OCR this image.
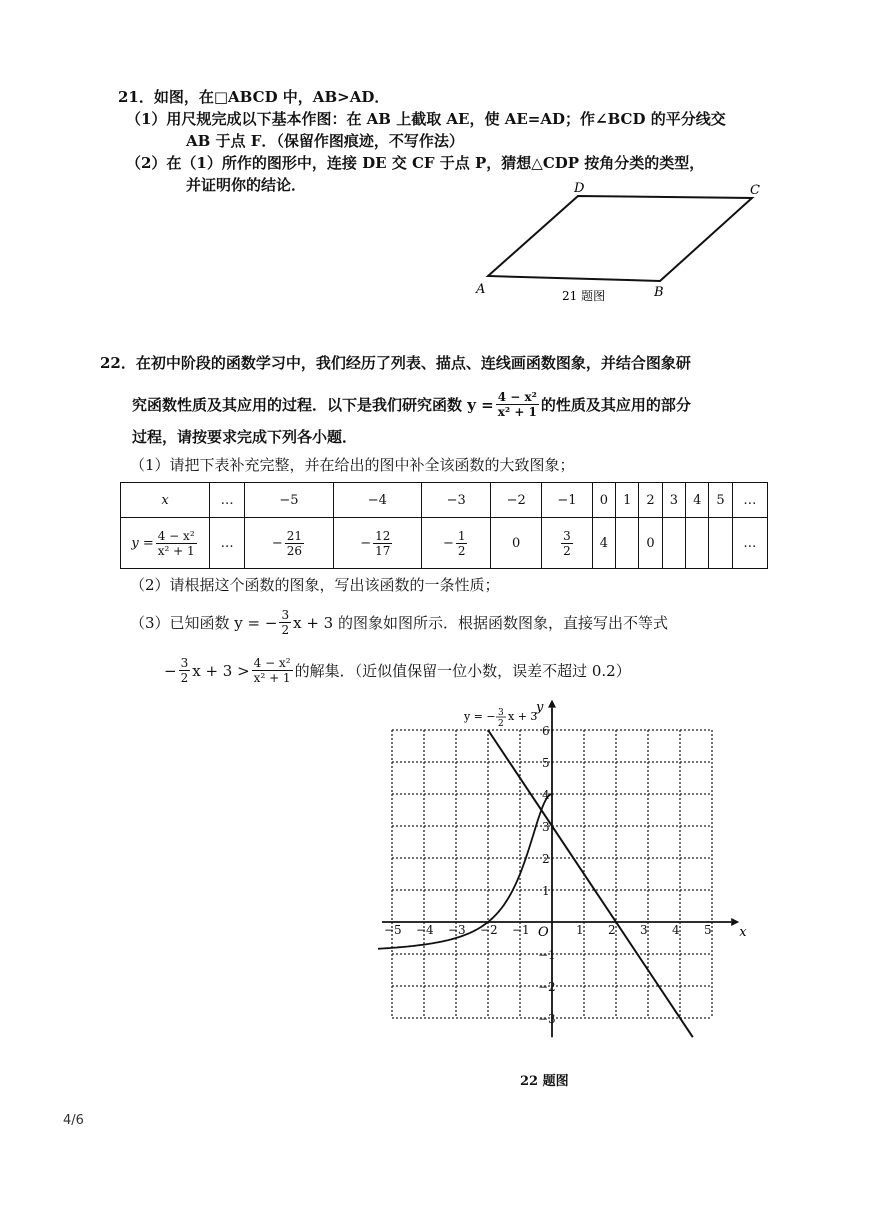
21．如图，在□ABCD 中，AB>AD．
（1）用尺规完成以下基本作图：在 AB 上截取 AE，使 AE=AD；作∠BCD 的平分线交
AB 于点 F．（保留作图痕迹，不写作法）
（2）在（1）所作的图形中，连接 DE 交 CF 于点 P，猜想△CDP 按角分类的类型，
并证明你的结论．
A	B
C
D
21 题图
22．在初中阶段的函数学习中，我们经历了列表、描点、连线画函数图象，并结合图象研
究函数性质及其应用的过程．以下是我们研究函数 $y = \frac{\text{4 − x²}}{\text{x² + 1}}$ 的性质及其应用的部分
过程，请按要求完成下列各小题．
（1）请把下表补充完整，并在给出的图中补全该函数的大致图象；
x	…	−5	−4	−3	−2	−1	0	1	2	3	4	5	…

$y = \frac{\text{4 − x²}}{\text{x² + 1}}$	…	− $\frac{21}{26}$	− $\frac{12}{17}$	− $\frac{1}{2}$	0	$\frac{3}{2}$	4		0				…
（2）请根据这个函数的图象，写出该函数的一条性质；
（3）已知函数 y = − $\frac{3}{2}$ x + 3 的图象如图所示．根据函数图象，直接写出不等式
− $\frac{3}{2}$ $x + 3 > \frac{\text{4 − x²}}{\text{x² + 1}}$ 的解集．（近似值保留一位小数，误差不超过 0.2）
−5 −4 −3 −2 −1	1 2 3 4 5
6
5
4
3
2
1
−1
−2
−3
x
y
O
y = − 3
2
x + 3
22 题图
4/6
